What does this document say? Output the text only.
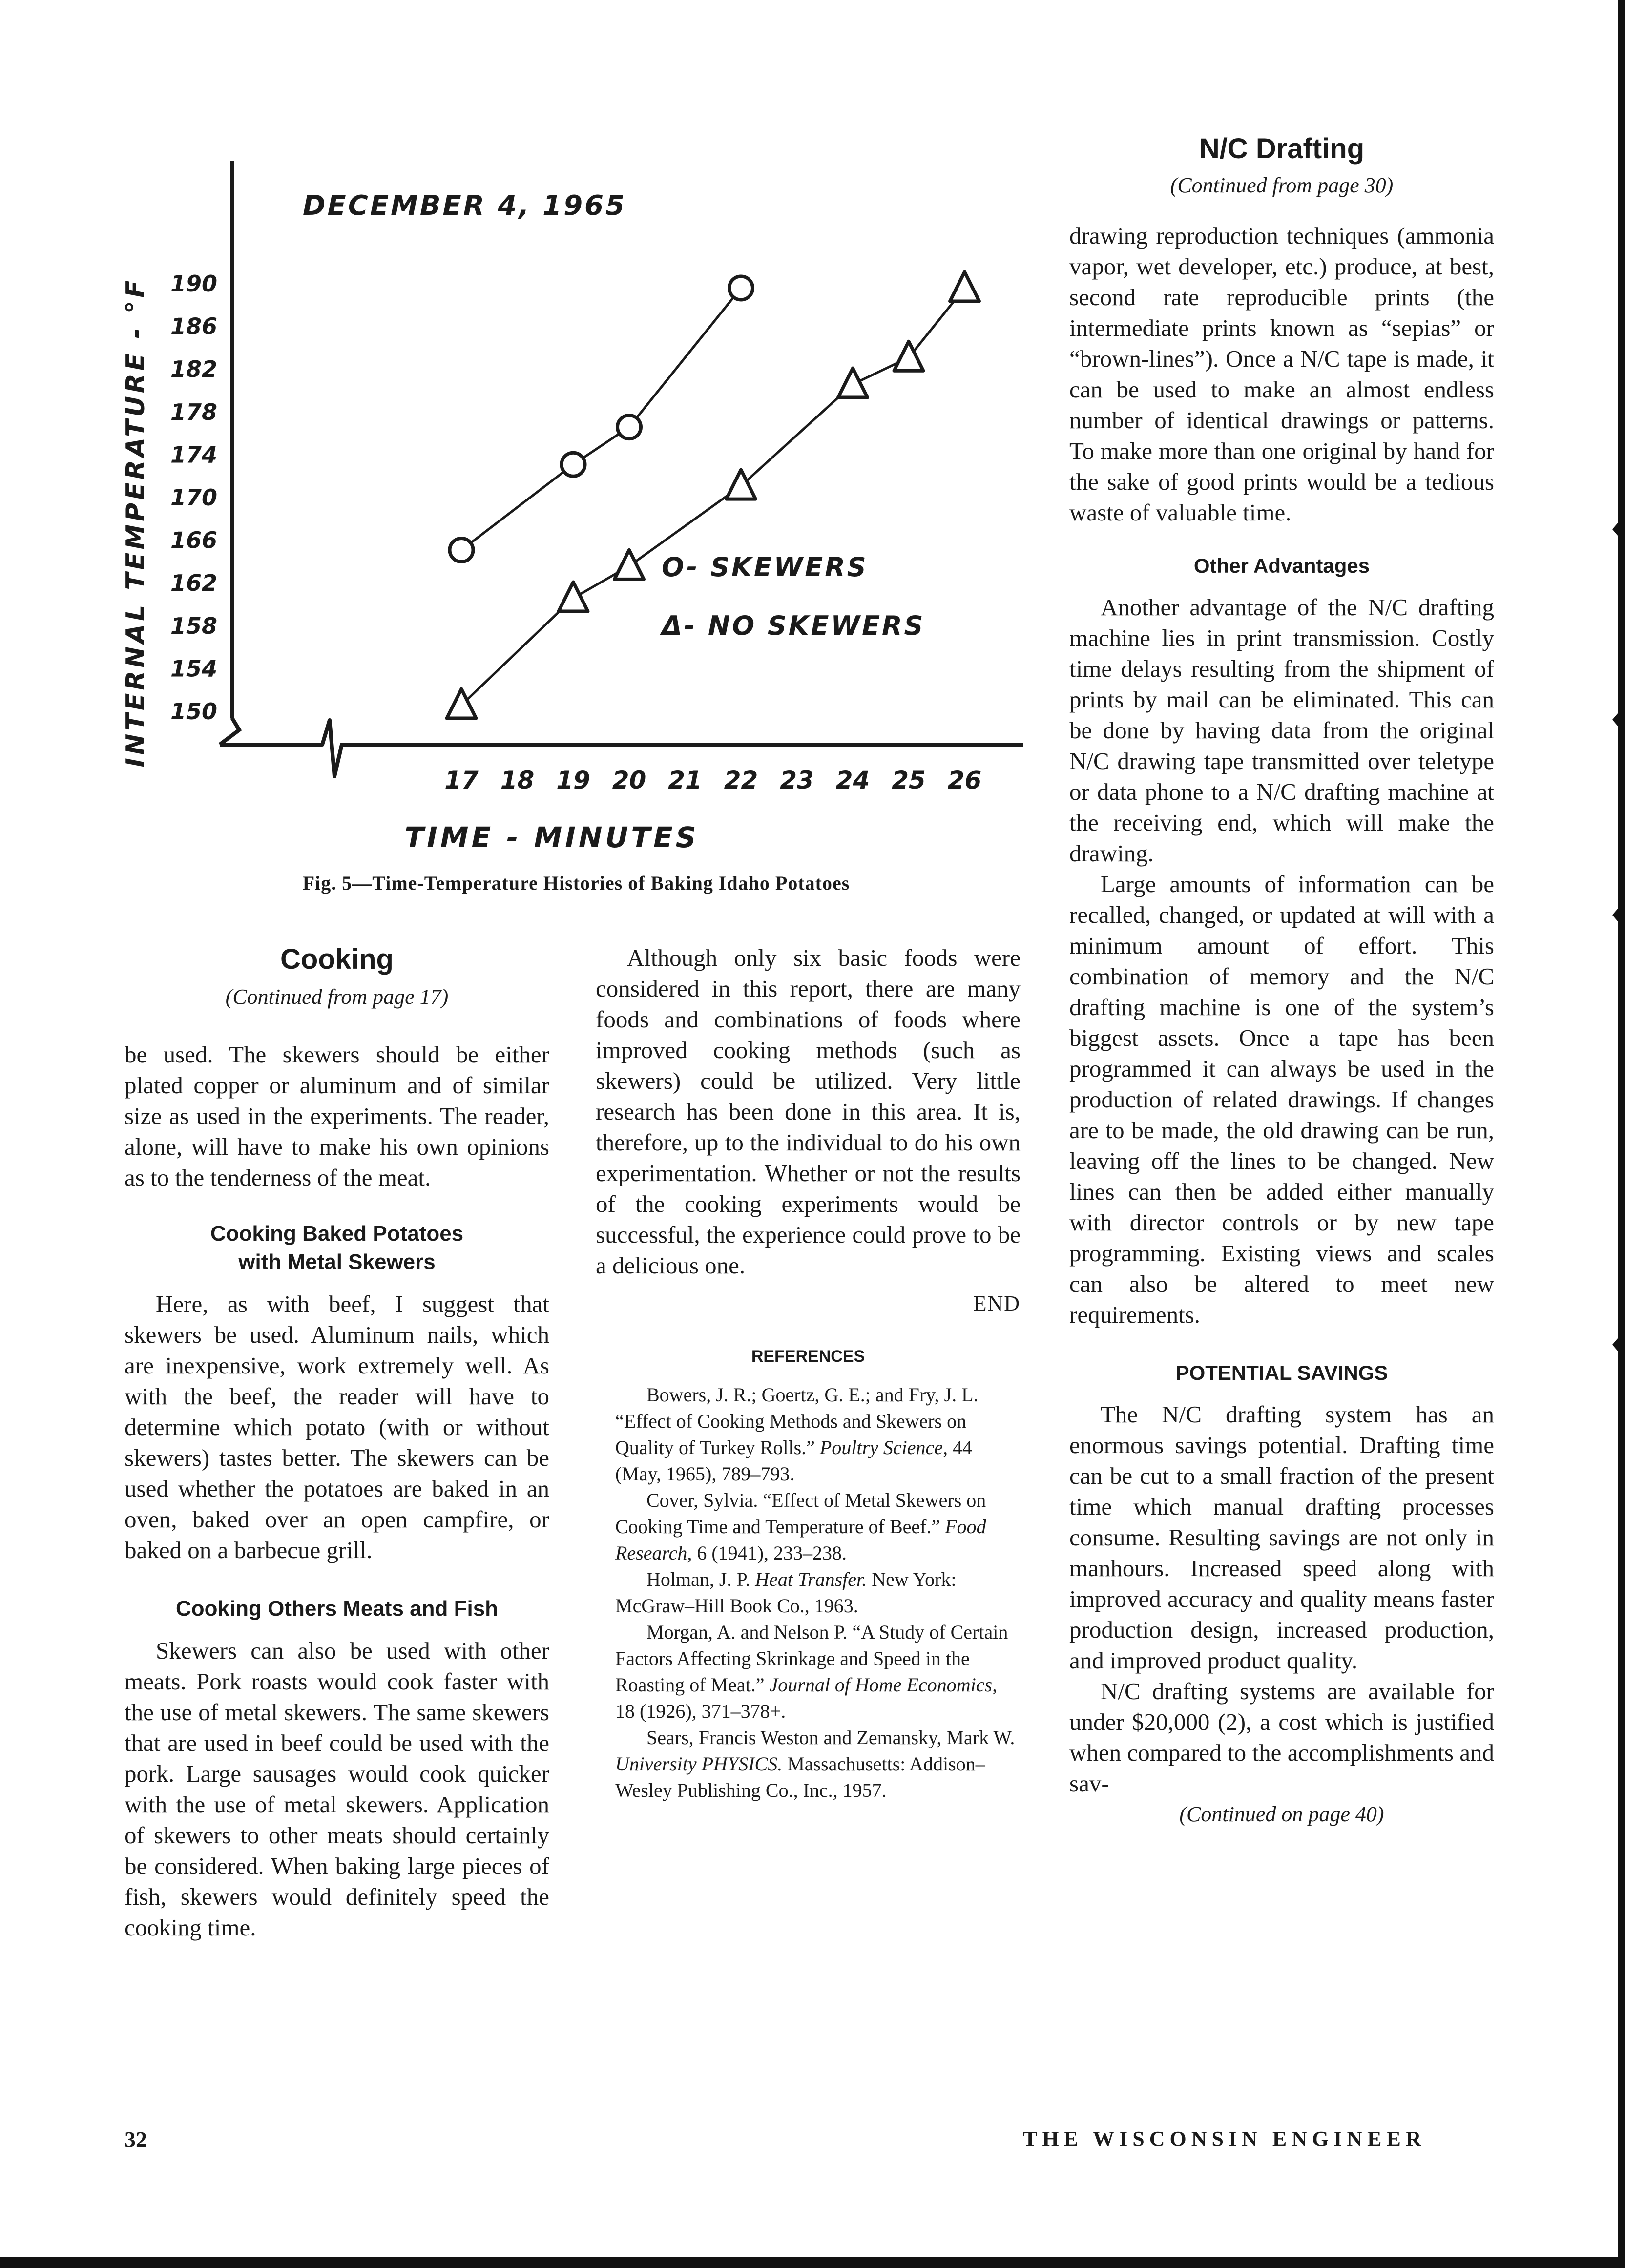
INTERNAL TEMPERATURE - °F
DECEMBER 4, 1965
190
186
182
178
174
170
166
162
158
154
150
17 18 19 20 21 22 23 24 25 26
O- SKEWERS
Δ- NO SKEWERS
TIME - MINUTES
Fig. 5—Time-Temperature Histories of Baking Idaho Potatoes
Cooking
(Continued from page 17)

be used. The skewers should be either plated copper or aluminum and of similar size as used in the experiments. The reader, alone, will have to make his own opinions as to the tenderness of the meat.

Cooking Baked Potatoes
with Metal Skewers

Here, as with beef, I suggest that skewers be used. Aluminum nails, which are inexpensive, work extremely well. As with the beef, the reader will have to determine which potato (with or without skewers) tastes better. The skewers can be used whether the potatoes are baked in an oven, baked over an open campfire, or baked on a barbecue grill.

Cooking Others Meats and Fish

Skewers can also be used with other meats. Pork roasts would cook faster with the use of metal skewers. The same skewers that are used in beef could be used with the pork. Large sausages would cook quicker with the use of metal skewers. Application of skewers to other meats should certainly be considered. When baking large pieces of fish, skewers would definitely speed the cooking time.

Although only six basic foods were considered in this report, there are many foods and combinations of foods where improved cooking methods (such as skewers) could be utilized. Very little research has been done in this area. It is, therefore, up to the individual to do his own experimentation. Whether or not the results of the cooking experiments would be successful, the experience could prove to be a delicious one.

END
REFERENCES

Bowers, J. R.; Goertz, G. E.; and Fry, J. L. “Effect of Cooking Methods and Skewers on Quality of Turkey Rolls.” Poultry Science, 44 (May, 1965), 789–793.

Cover, Sylvia. “Effect of Metal Skewers on Cooking Time and Temperature of Beef.” Food Research, 6 (1941), 233–238.

Holman, J. P. Heat Transfer. New York: McGraw–Hill Book Co., 1963.

Morgan, A. and Nelson P. “A Study of Certain Factors Affecting Skrinkage and Speed in the Roasting of Meat.” Journal of Home Economics, 18 (1926), 371–378+.

Sears, Francis Weston and Zemansky, Mark W. University PHYSICS. Massachusetts: Addison–Wesley Publishing Co., Inc., 1957.

N/C Drafting
(Continued from page 30)

drawing reproduction techniques (ammonia vapor, wet developer, etc.) produce, at best, second rate reproducible prints (the intermediate prints known as “sepias” or “brown-lines”). Once a N/C tape is made, it can be used to make an almost endless number of identical drawings or patterns. To make more than one original by hand for the sake of good prints would be a tedious waste of valuable time.

Other Advantages

Another advantage of the N/C drafting machine lies in print transmission. Costly time delays resulting from the shipment of prints by mail can be eliminated. This can be done by having data from the original N/C drawing tape transmitted over teletype or data phone to a N/C drafting machine at the receiving end, which will make the drawing.

Large amounts of information can be recalled, changed, or updated at will with a minimum amount of effort. This combination of memory and the N/C drafting machine is one of the system’s biggest assets. Once a tape has been programmed it can always be used in the production of related drawings. If changes are to be made, the old drawing can be run, leaving off the lines to be changed. New lines can then be added either manually with director controls or by new tape programming. Existing views and scales can also be altered to meet new requirements.

POTENTIAL SAVINGS

The N/C drafting system has an enormous savings potential. Drafting time can be cut to a small fraction of the present time which manual drafting processes consume. Resulting savings are not only in manhours. Increased speed along with improved accuracy and quality means faster production design, increased production, and improved product quality.

N/C drafting systems are available for under $20,000 (2), a cost which is justified when compared to the accomplishments and sav-

(Continued on page 40)
32	THE WISCONSIN ENGINEER
